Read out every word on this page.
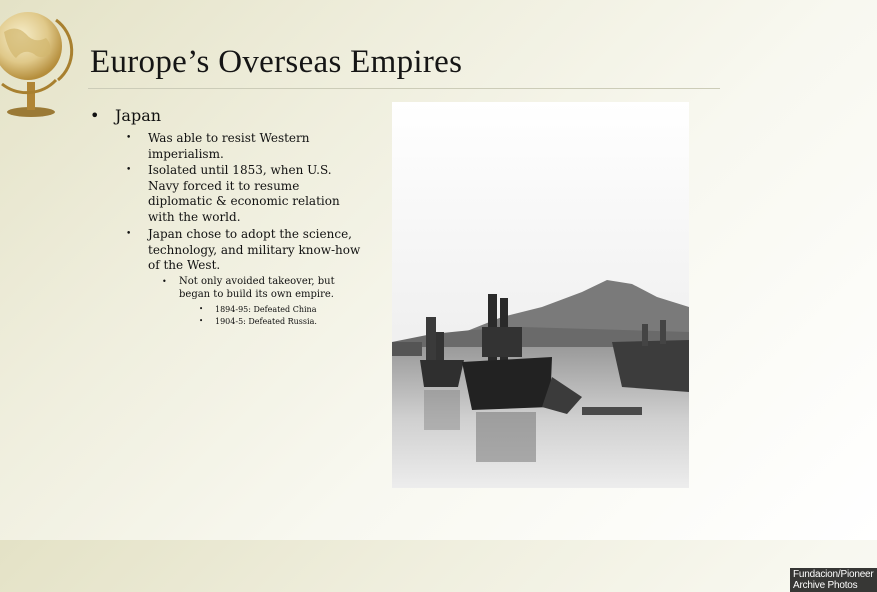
Europe’s Overseas Empires
• Japan
• Was able to resist Western imperialism.
• Isolated until 1853, when U.S. Navy forced it to resume diplomatic & economic relation with the world.
• Japan chose to adopt the science, technology, and military know-how of the West.
• Not only avoided takeover, but began to build its own empire.
• 1894-95: Defeated China
• 1904-5: Defeated Russia.
Fundacion/Pioneer Archive Photos
